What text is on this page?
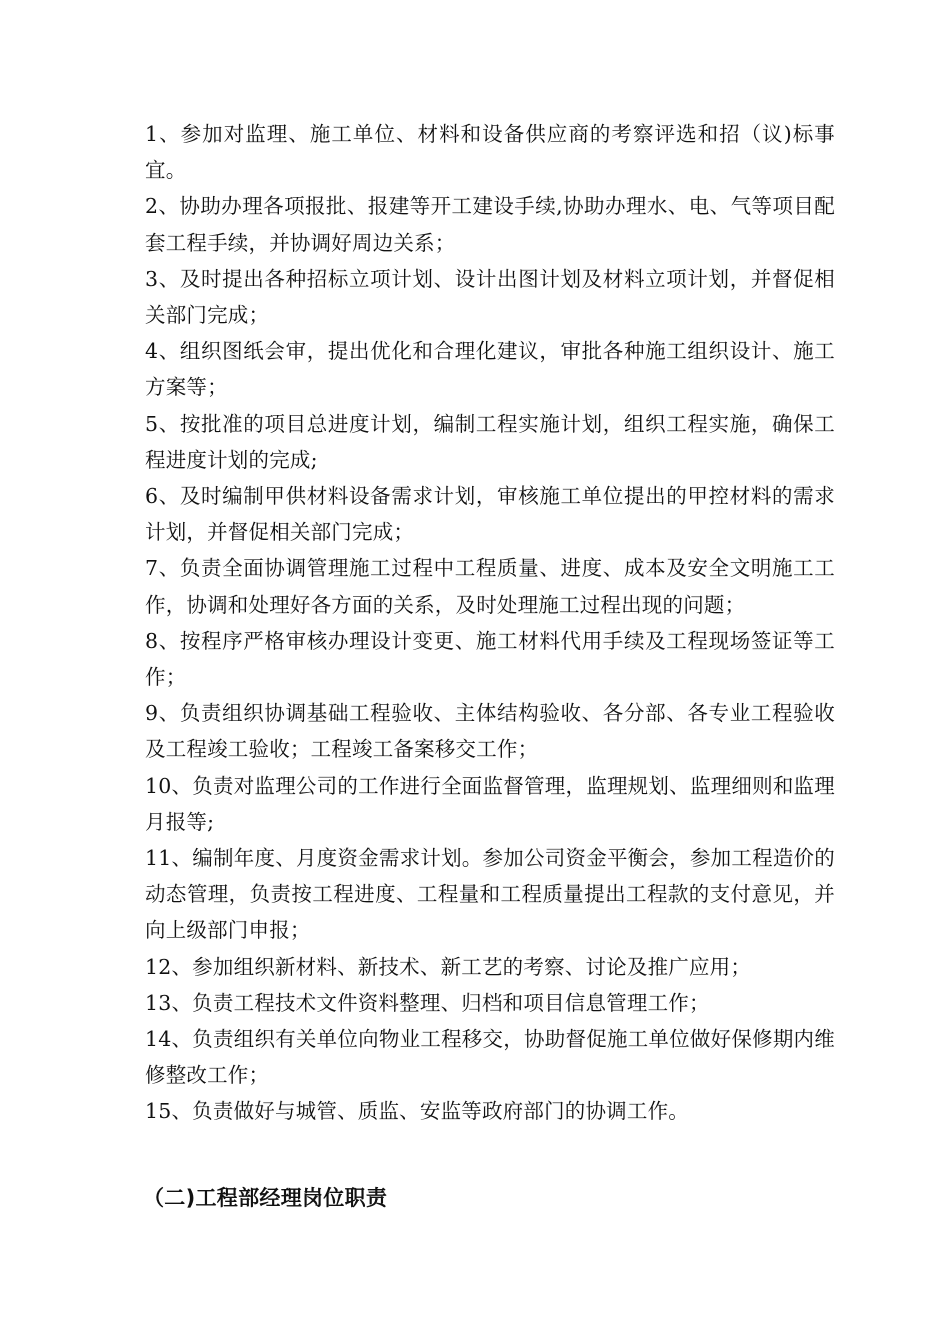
1、参加对监理、施工单位、材料和设备供应商的考察评选和招（议)标事宜。

2、协助办理各项报批、报建等开工建设手续,协助办理水、电、气等项目配套工程手续，并协调好周边关系；

3、及时提出各种招标立项计划、设计出图计划及材料立项计划，并督促相关部门完成；

4、组织图纸会审，提出优化和合理化建议，审批各种施工组织设计、施工方案等；

5、按批准的项目总进度计划，编制工程实施计划，组织工程实施，确保工程进度计划的完成;

6、及时编制甲供材料设备需求计划，审核施工单位提出的甲控材料的需求计划，并督促相关部门完成；

7、负责全面协调管理施工过程中工程质量、进度、成本及安全文明施工工作，协调和处理好各方面的关系，及时处理施工过程出现的问题；

8、按程序严格审核办理设计变更、施工材料代用手续及工程现场签证等工作；

9、负责组织协调基础工程验收、主体结构验收、各分部、各专业工程验收及工程竣工验收；工程竣工备案移交工作；

10、负责对监理公司的工作进行全面监督管理，监理规划、监理细则和监理月报等;

11、编制年度、月度资金需求计划。参加公司资金平衡会，参加工程造价的动态管理，负责按工程进度、工程量和工程质量提出工程款的支付意见，并向上级部门申报；

12、参加组织新材料、新技术、新工艺的考察、讨论及推广应用；

13、负责工程技术文件资料整理、归档和项目信息管理工作；

14、负责组织有关单位向物业工程移交，协助督促施工单位做好保修期内维修整改工作；

15、负责做好与城管、质监、安监等政府部门的协调工作。

（二)工程部经理岗位职责
